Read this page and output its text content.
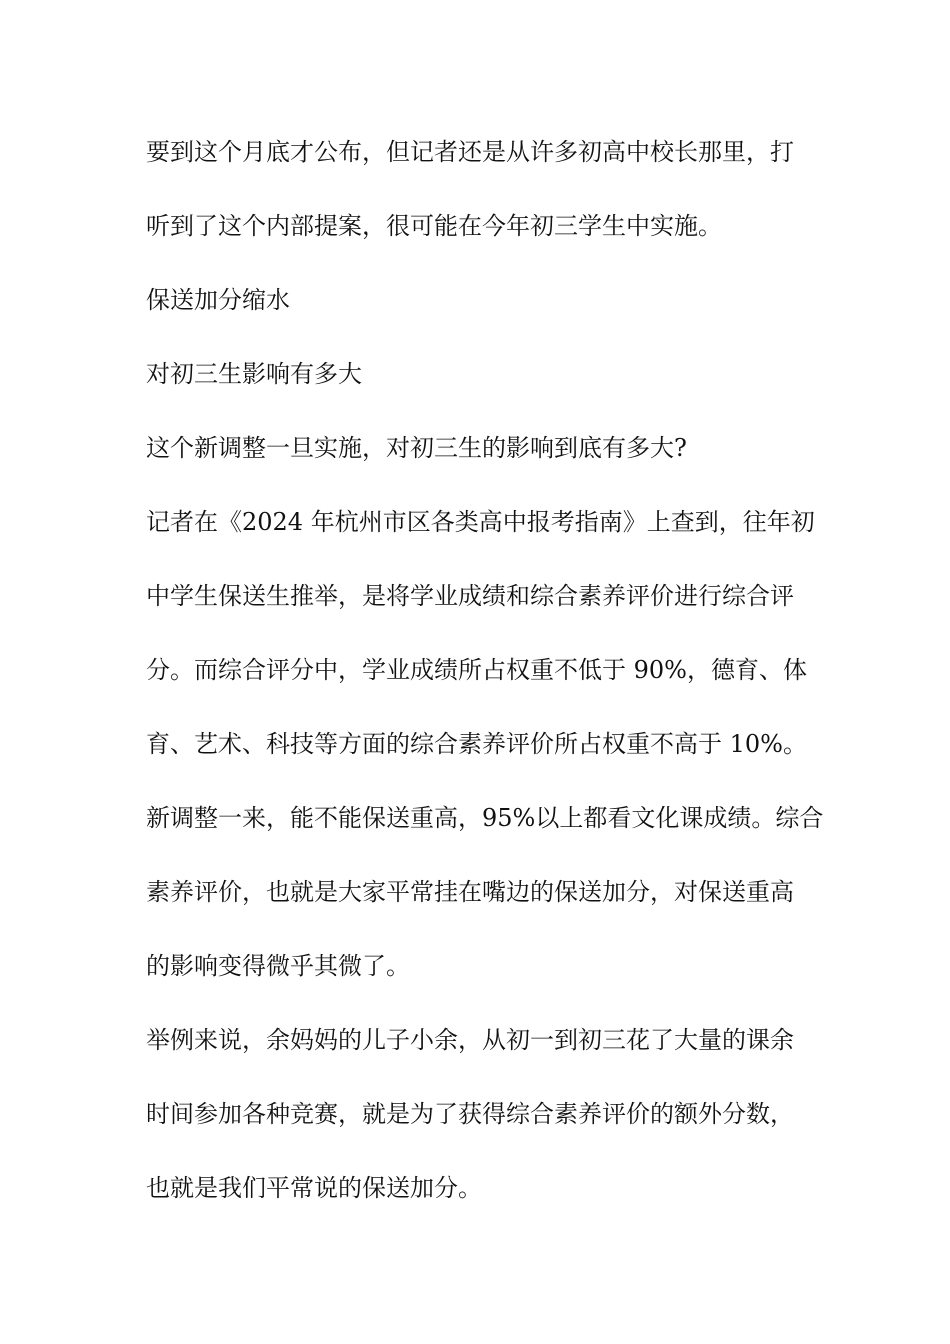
要到这个月底才公布，但记者还是从许多初高中校长那里，打

听到了这个内部提案，很可能在今年初三学生中实施。

保送加分缩水

对初三生影响有多大

这个新调整一旦实施，对初三生的影响到底有多大?

记者在《2024 年杭州市区各类高中报考指南》上查到，往年初

中学生保送生推举，是将学业成绩和综合素养评价进行综合评

分。而综合评分中，学业成绩所占权重不低于 90%，德育、体

育、艺术、科技等方面的综合素养评价所占权重不高于 10%。

新调整一来，能不能保送重高，95%以上都看文化课成绩。综合

素养评价，也就是大家平常挂在嘴边的保送加分，对保送重高

的影响变得微乎其微了。

举例来说，余妈妈的儿子小余，从初一到初三花了大量的课余

时间参加各种竞赛，就是为了获得综合素养评价的额外分数，

也就是我们平常说的保送加分。
